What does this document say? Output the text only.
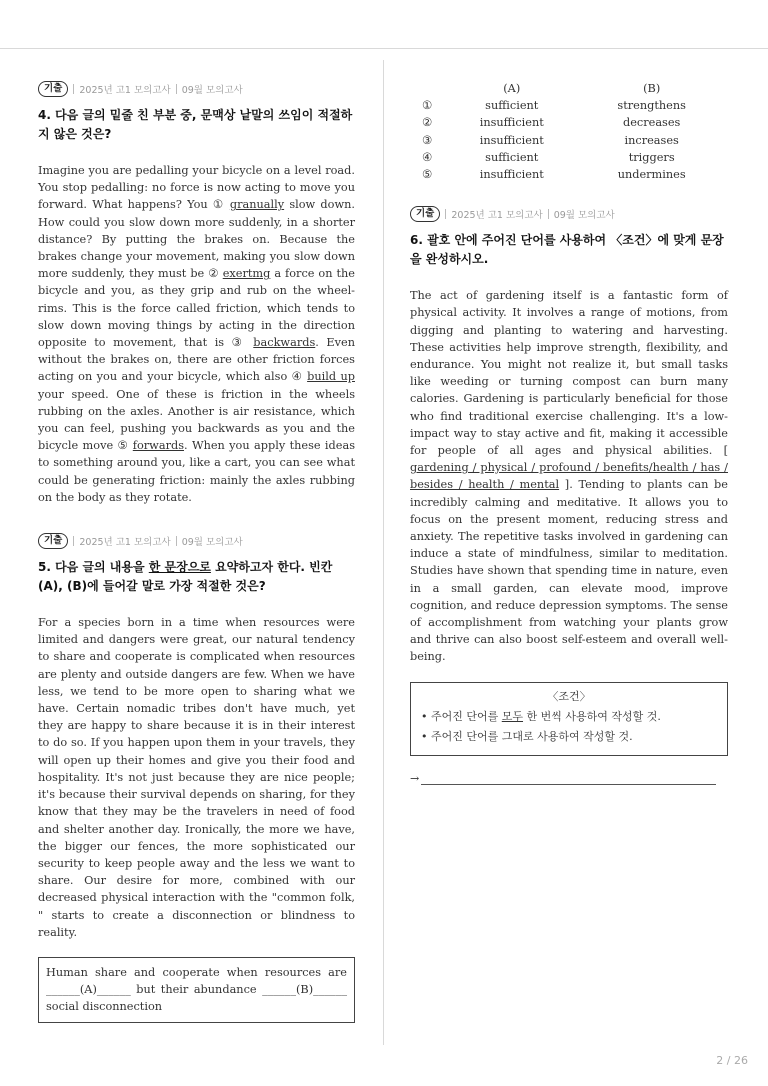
기출	2025년 고1 모의고사 09월 모의고사
4. 다음 글의 밑줄 친 부분 중, 문맥상 낱말의 쓰임이 적절하지 않은 것은?
Imagine you are pedalling your bicycle on a level road. You stop pedalling: no force is now acting to move you forward. What happens? You ① granually slow down. How could you slow down more suddenly, in a shorter distance? By putting the brakes on. Because the brakes change your movement, making you slow down more suddenly, they must be ② exertmg a force on the bicycle and you, as they grip and rub on the wheel-rims. This is the force called friction, which tends to slow down moving things by acting in the direction opposite to movement, that is ③ backwards. Even without the brakes on, there are other friction forces acting on you and your bicycle, which also ④ build up your speed. One of these is friction in the wheels rubbing on the axles. Another is air resistance, which you can feel, pushing you backwards as you and the bicycle move ⑤ forwards. When you apply these ideas to something around you, like a cart, you can see what could be generating friction: mainly the axles rubbing on the body as they rotate.
기출	2025년 고1 모의고사 09월 모의고사
5. 다음 글의 내용을 한 문장으로 요약하고자 한다. 빈칸 (A), (B)에 들어갈 말로 가장 적절한 것은?
For a species born in a time when resources were limited and dangers were great, our natural tendency to share and cooperate is complicated when resources are plenty and outside dangers are few. When we have less, we tend to be more open to sharing what we have. Certain nomadic tribes don't have much, yet they are happy to share because it is in their interest to do so. If you happen upon them in your travels, they will open up their homes and give you their food and hospitality. It's not just because they are nice people; it's because their survival depends on sharing, for they know that they may be the travelers in need of food and shelter another day. Ironically, the more we have, the bigger our fences, the more sophisticated our security to keep people away and the less we want to share. Our desire for more, combined with our decreased physical interaction with the "common folk, " starts to create a disconnection or blindness to reality.
Human share and cooperate when resources are ______(A)______ but their abundance ______(B)______ social disconnection
	(A)	(B)
①	sufficient	strengthens
②	insufficient	decreases
③	insufficient	increases
④	sufficient	triggers
⑤	insufficient	undermines
기출	2025년 고1 모의고사 09월 모의고사
6. 괄호 안에 주어진 단어를 사용하여 〈조건〉에 맞게 문장을 완성하시오.
The act of gardening itself is a fantastic form of physical activity. It involves a range of motions, from digging and planting to watering and harvesting. These activities help improve strength, flexibility, and endurance. You might not realize it, but small tasks like weeding or turning compost can burn many calories. Gardening is particularly beneficial for those who find traditional exercise challenging. It's a low-impact way to stay active and fit, making it accessible for people of all ages and physical abilities. [ gardening / physical / profound / benefits/health / has / besides / health / mental ]. Tending to plants can be incredibly calming and meditative. It allows you to focus on the present moment, reducing stress and anxiety. The repetitive tasks involved in gardening can induce a state of mindfulness, similar to meditation. Studies have shown that spending time in nature, even in a small garden, can elevate mood, improve cognition, and reduce depression symptoms. The sense of accomplishment from watching your plants grow and thrive can also boost self-esteem and overall well-being.
〈조건〉
• 주어진 단어를 모두 한 번씩 사용하여 작성할 것.
• 주어진 단어를 그대로 사용하여 작성할 것.
→
2 / 26
